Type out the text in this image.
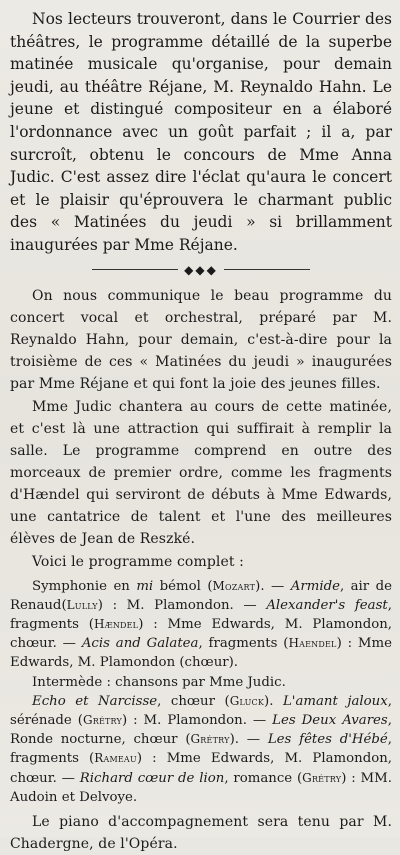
Nos lecteurs trouveront, dans le Courrier des théâtres, le programme détaillé de la superbe matinée musicale qu'organise, pour demain jeudi, au théâtre Réjane, M. Reynaldo Hahn. Le jeune et distingué compositeur en a élaboré l'ordonnance avec un goût parfait ; il a, par surcroît, obtenu le concours de Mme Anna Judic. C'est assez dire l'éclat qu'aura le concert et le plaisir qu'éprouvera le charmant public des « Matinées du jeudi » si brillamment inaugurées par Mme Réjane.

◆◆◆

On nous communique le beau programme du concert vocal et orchestral, préparé par M. Reynaldo Hahn, pour demain, c'est-à-dire pour la troisième de ces « Matinées du jeudi » inaugurées par Mme Réjane et qui font la joie des jeunes filles.

Mme Judic chantera au cours de cette matinée, et c'est là une attraction qui suffirait à remplir la salle. Le programme comprend en outre des morceaux de premier ordre, comme les fragments d'Hændel qui serviront de débuts à Mme Edwards, une cantatrice de talent et l'une des meilleures élèves de Jean de Reszké.

Voici le programme complet :

Symphonie en mi bémol (Mozart). — Armide, air de Renaud(Lully) : M. Plamondon. — Alexander's feast, fragments (Hændel) : Mme Edwards, M. Plamondon, chœur. — Acis and Galatea, fragments (Haendel) : Mme Edwards, M. Plamondon (chœur).

Intermède : chansons par Mme Judic.

Echo et Narcisse, chœur (Gluck). L'amant jaloux, sérénade (Grétry) : M. Plamondon. — Les Deux Avares, Ronde nocturne, chœur (Grétry). — Les fêtes d'Hébé, fragments (Rameau) : Mme Edwards, M. Plamondon, chœur. — Richard cœur de lion, romance (Grétry) : MM. Audoin et Delvoye.

Le piano d'accompagnement sera tenu par M. Chadergne, de l'Opéra.
